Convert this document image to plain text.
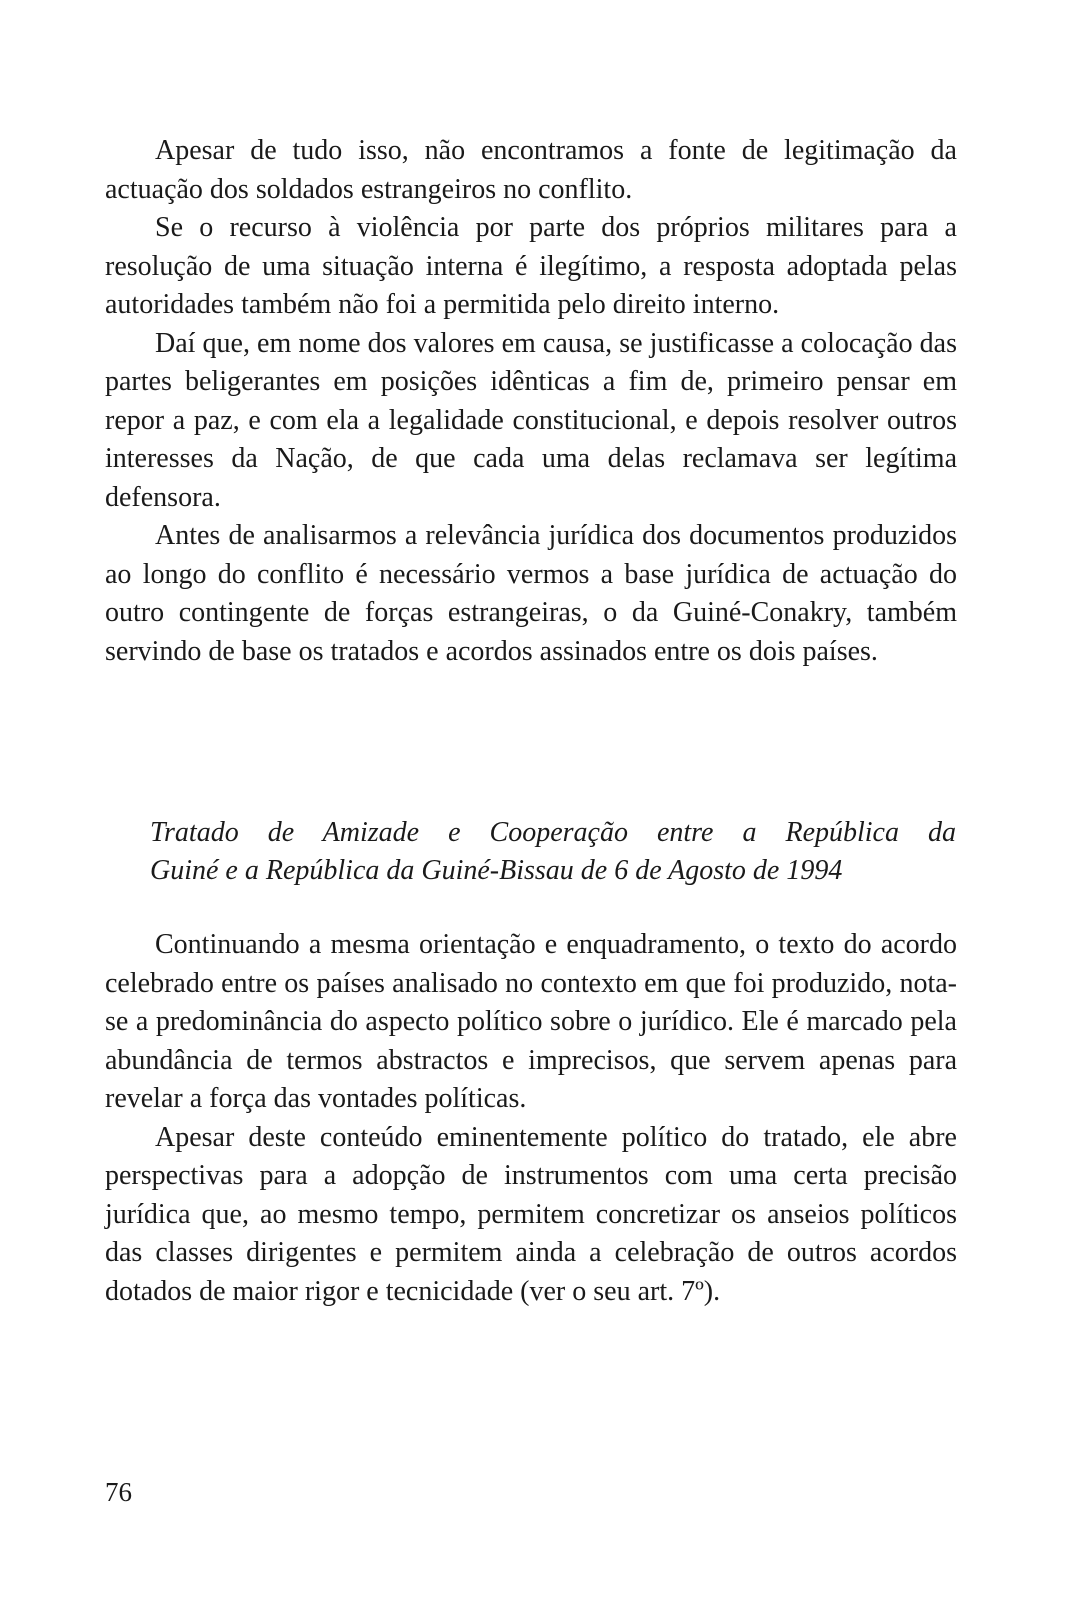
Apesar de tudo isso, não encontramos a fonte de legitimação da actuação dos soldados estrangeiros no conflito.

Se o recurso à violência por parte dos próprios militares para a resolução de uma situação interna é ilegítimo, a resposta adoptada pelas autoridades também não foi a permitida pelo direito interno.

Daí que, em nome dos valores em causa, se justificasse a colocação das partes beligerantes em posições idênticas a fim de, primeiro pensar em repor a paz, e com ela a legalidade constitucional, e depois resolver outros interesses da Nação, de que cada uma delas reclamava ser legítima defensora.

Antes de analisarmos a relevância jurídica dos documentos produzidos ao longo do conflito é necessário vermos a base jurídica de actuação do outro contingente de forças estrangeiras, o da Guiné-Conakry, também servindo de base os tratados e acordos assinados entre os dois países.

Tratado de Amizade e Cooperação entre a República da
Guiné e a República da Guiné-Bissau de 6 de Agosto de 1994

Continuando a mesma orientação e enquadramento, o texto do acordo celebrado entre os países analisado no contexto em que foi produzido, nota-se a predominância do aspecto político sobre o jurídico. Ele é marcado pela abundância de termos abstractos e imprecisos, que servem apenas para revelar a força das vontades políticas.

Apesar deste conteúdo eminentemente político do tratado, ele abre perspectivas para a adopção de instrumentos com uma certa precisão jurídica que, ao mesmo tempo, permitem concretizar os anseios políticos das classes dirigentes e permitem ainda a celebração de outros acordos dotados de maior rigor e tecnicidade (ver o seu art. 7º).

76
